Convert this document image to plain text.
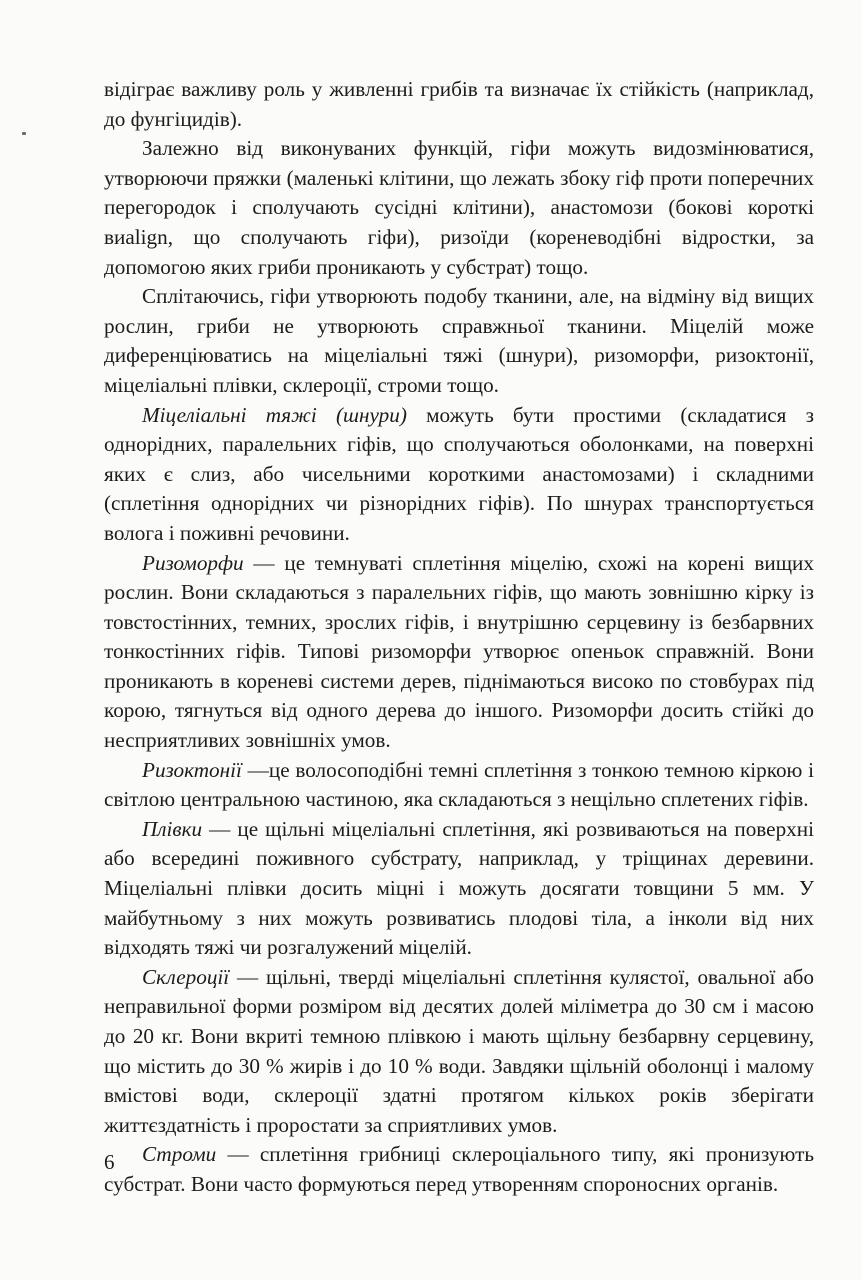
відіграє важливу роль у живленні грибів та визначає їх стійкість (наприклад, до фунгіцидів).

Залежно від виконуваних функцій, гіфи можуть видозмінюватися, утворюючи пряжки (маленькі клітини, що лежать збоку гіф проти поперечних перегородок і сполучають сусідні клітини), анастомози (бокові короткі виalign, що сполучають гіфи), ризоїди (кореневодібні відростки, за допомогою яких гриби проникають у субстрат) тощо.

Сплітаючись, гіфи утворюють подобу тканини, але, на відміну від вищих рослин, гриби не утворюють справжньої тканини. Міцелій може диференціюватись на міцеліальні тяжі (шнури), ризоморфи, ризоктонії, міцеліальні плівки, склероції, строми тощо.

Міцеліальні тяжі (шнури) можуть бути простими (складатися з однорідних, паралельних гіфів, що сполучаються оболонками, на поверхні яких є слиз, або чисельними короткими анастомозами) і складними (сплетіння однорідних чи різнорідних гіфів). По шнурах транспортується волога і поживні речовини.

Ризоморфи — це темнуваті сплетіння міцелію, схожі на корені вищих рослин. Вони складаються з паралельних гіфів, що мають зовнішню кірку із товстостінних, темних, зрослих гіфів, і внутрішню серцевину із безбарвних тонкостінних гіфів. Типові ризоморфи утворює опеньок справжній. Вони проникають в кореневі системи дерев, піднімаються високо по стовбурах під корою, тягнуться від одного дерева до іншого. Ризоморфи досить стійкі до несприятливих зовнішніх умов.

Ризоктонії —це волосоподібні темні сплетіння з тонкою темною кіркою і світлою центральною частиною, яка складаються з нещільно сплетених гіфів.

Плівки — це щільні міцеліальні сплетіння, які розвиваються на поверхні або всередині поживного субстрату, наприклад, у тріщинах деревини. Міцеліальні плівки досить міцні і можуть досягати товщини 5 мм. У майбутньому з них можуть розвиватись плодові тіла, а інколи від них відходять тяжі чи розгалужений міцелій.

Склероції — щільні, тверді міцеліальні сплетіння кулястої, овальної або неправильної форми розміром від десятих долей міліметра до 30 см і масою до 20 кг. Вони вкриті темною плівкою і мають щільну безбарвну серцевину, що містить до 30 % жирів і до 10 % води. Завдяки щільній оболонці і малому вмістові води, склероції здатні протягом кількох років зберігати життєздатність і проростати за сприятливих умов.

Строми — сплетіння грибниці склероціального типу, які пронизують субстрат. Вони часто формуються перед утворенням спороносних органів.

6
